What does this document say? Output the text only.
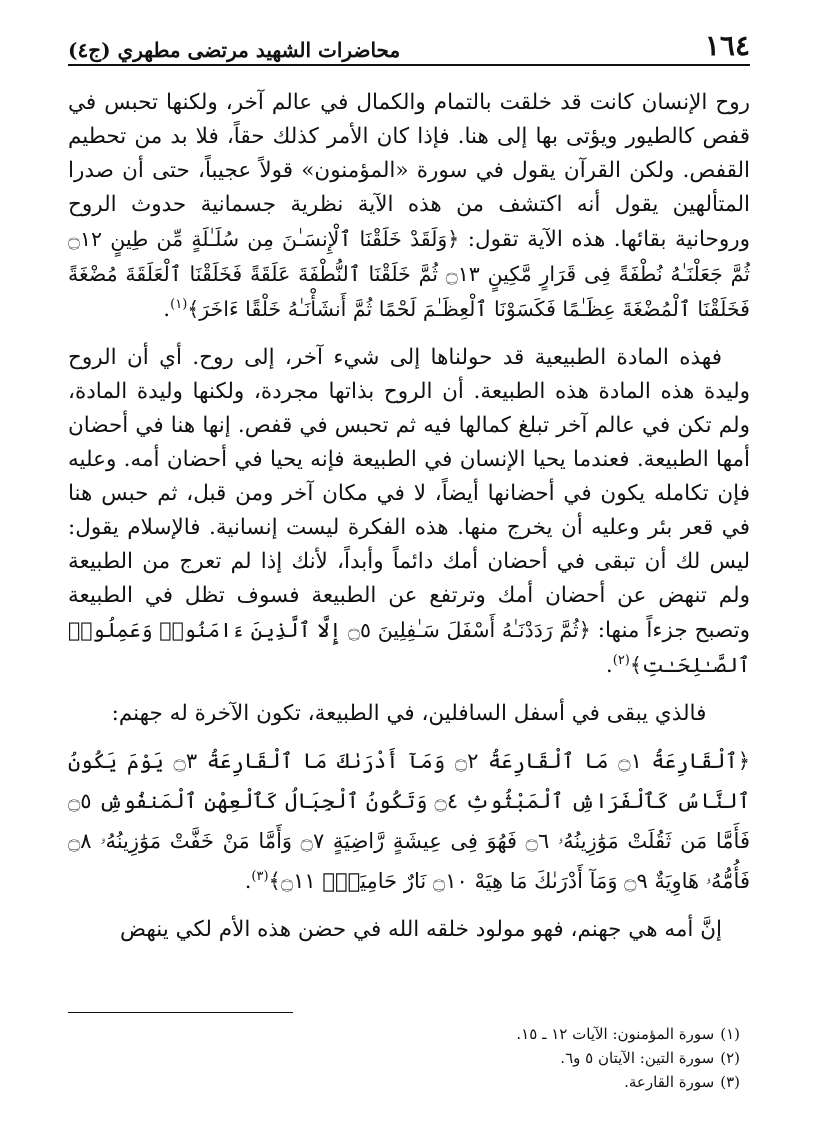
١٦٤
محاضرات الشهيد مرتضى مطهري (ج٤)

روح الإنسان كانت قد خلقت بالتمام والكمال في عالم آخر، ولكنها تحبس في قفص كالطيور ويؤتى بها إلى هنا. فإذا كان الأمر كذلك حقاً، فلا بد من تحطيم القفص. ولكن القرآن يقول في سورة «المؤمنون» قولاً عجيباً، حتى أن صدرا المتألهين يقول أنه اكتشف من هذه الآية نظرية جسمانية حدوث الروح وروحانية بقائها. هذه الآية تقول: ﴿وَلَقَدْ خَلَقْنَا ٱلْإِنسَـٰنَ مِن سُلَـٰلَةٍ مِّن طِينٍ ۝١٢ ثُمَّ جَعَلْنَـٰهُ نُطْفَةً فِى قَرَارٍ مَّكِينٍ ۝١٣ ثُمَّ خَلَقْنَا ٱلنُّطْفَةَ عَلَقَةً فَخَلَقْنَا ٱلْعَلَقَةَ مُضْغَةً فَخَلَقْنَا ٱلْمُضْغَةَ عِظَـٰمًا فَكَسَوْنَا ٱلْعِظَـٰمَ لَحْمًا ثُمَّ أَنشَأْنَـٰهُ خَلْقًا ءَاخَرَ﴾$^{(١)}$.

فهذه المادة الطبيعية قد حولناها إلى شيء آخر، إلى روح. أي أن الروح وليدة هذه المادة هذه الطبيعة. أن الروح بذاتها مجردة، ولكنها وليدة المادة، ولم تكن في عالم آخر تبلغ كمالها فيه ثم تحبس في قفص. إنها هنا في أحضان أمها الطبيعة. فعندما يحيا الإنسان في الطبيعة فإنه يحيا في أحضان أمه. وعليه فإن تكامله يكون في أحضانها أيضاً، لا في مكان آخر ومن قبل، ثم حبس هنا في قعر بئر وعليه أن يخرج منها. هذه الفكرة ليست إنسانية. فالإسلام يقول: ليس لك أن تبقى في أحضان أمك دائماً وأبداً، لأنك إذا لم تعرج من الطبيعة ولم تنهض عن أحضان أمك وترتفع عن الطبيعة فسوف تظل في الطبيعة وتصبح جزءاً منها: ﴿ثُمَّ رَدَدْنَـٰهُ أَسْفَلَ سَـٰفِلِينَ ۝٥ إِلَّا ٱلَّذِينَ ءَامَنُوا۟ وَعَمِلُوا۟ ٱلصَّـٰلِحَـٰتِ﴾$^{(٢)}$.

فالذي يبقى في أسفل السافلين، في الطبيعة، تكون الآخرة له جهنم:

﴿ٱلْقَارِعَةُ ۝١ مَا ٱلْقَارِعَةُ ۝٢ وَمَآ أَدْرَىٰكَ مَا ٱلْقَارِعَةُ ۝٣ يَوْمَ يَكُونُ ٱلنَّاسُ كَٱلْفَرَاشِ ٱلْمَبْثُوثِ ۝٤ وَتَكُونُ ٱلْجِبَالُ كَٱلْعِهْنِ ٱلْمَنفُوشِ ۝٥ فَأَمَّا مَن ثَقُلَتْ مَوَٰزِينُهُۥ ۝٦ فَهُوَ فِى عِيشَةٍ رَّاضِيَةٍ ۝٧ وَأَمَّا مَنْ خَفَّتْ مَوَٰزِينُهُۥ ۝٨ فَأُمُّهُۥ هَاوِيَةٌ ۝٩ وَمَآ أَدْرَىٰكَ مَا هِيَهْ ۝١٠ نَارٌ حَامِيَةٌۢ ۝١١﴾$^{(٣)}$.

إنَّ أمه هي جهنم، فهو مولود خلقه الله في حضن هذه الأم لكي ينهض

(١)سورة المؤمنون: الآيات ١٢ ـ ١٥.

(٢)سورة التين: الآيتان ٥ و٦.

(٣)سورة القارعة.
